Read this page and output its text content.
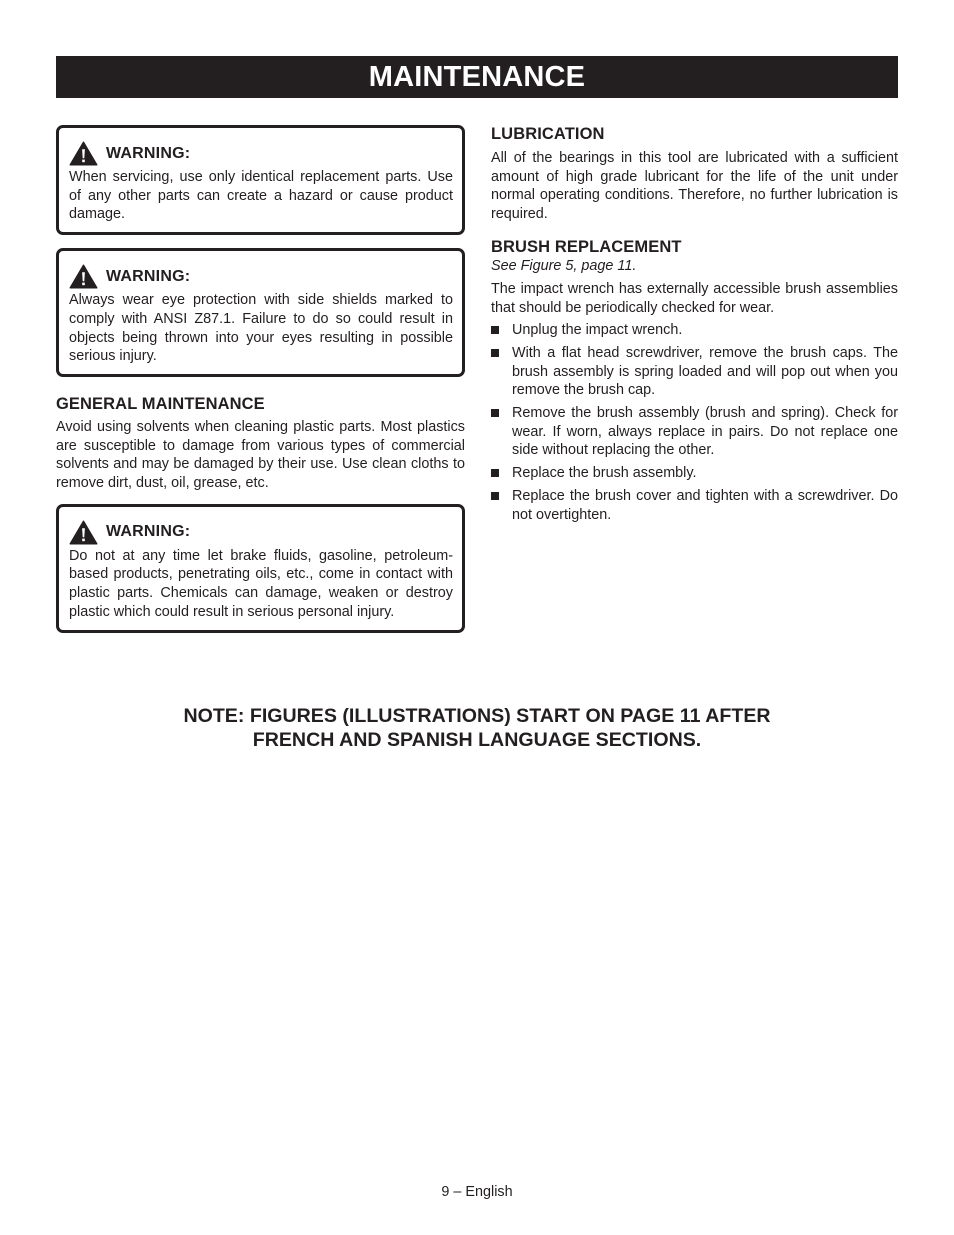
MAINTENANCE
WARNING:

When servicing, use only identical replacement parts. Use of any other parts can create a hazard or cause product damage.

WARNING:

Always wear eye protection with side shields marked to comply with ANSI Z87.1. Failure to do so could result in objects being thrown into your eyes resulting in possible serious injury.

GENERAL MAINTENANCE

Avoid using solvents when cleaning plastic parts. Most plastics are susceptible to damage from various types of commercial solvents and may be damaged by their use. Use clean cloths to remove dirt, dust, oil, grease, etc.

WARNING:

Do not at any time let brake fluids, gasoline, petroleum-based products, penetrating oils, etc., come in contact with plastic parts. Chemicals can damage, weaken or destroy plastic which could result in serious personal injury.

LUBRICATION

All of the bearings in this tool are lubricated with a sufficient amount of high grade lubricant for the life of the unit under normal operating conditions. Therefore, no further lubrication is required.

BRUSH REPLACEMENT

See Figure 5, page 11.

The impact wrench has externally accessible brush assemblies that should be periodically checked for wear.

Unplug the impact wrench.
With a flat head screwdriver, remove the brush caps. The brush assembly is spring loaded and will pop out when you remove the brush cap.
Remove the brush assembly (brush and spring). Check for wear. If worn, always replace in pairs. Do not replace one side without replacing the other.
Replace the brush assembly.
Replace the brush cover and tighten with a screwdriver. Do not overtighten.
NOTE: FIGURES (ILLUSTRATIONS) START ON PAGE 11 AFTER
FRENCH AND SPANISH LANGUAGE SECTIONS.
9 – English
